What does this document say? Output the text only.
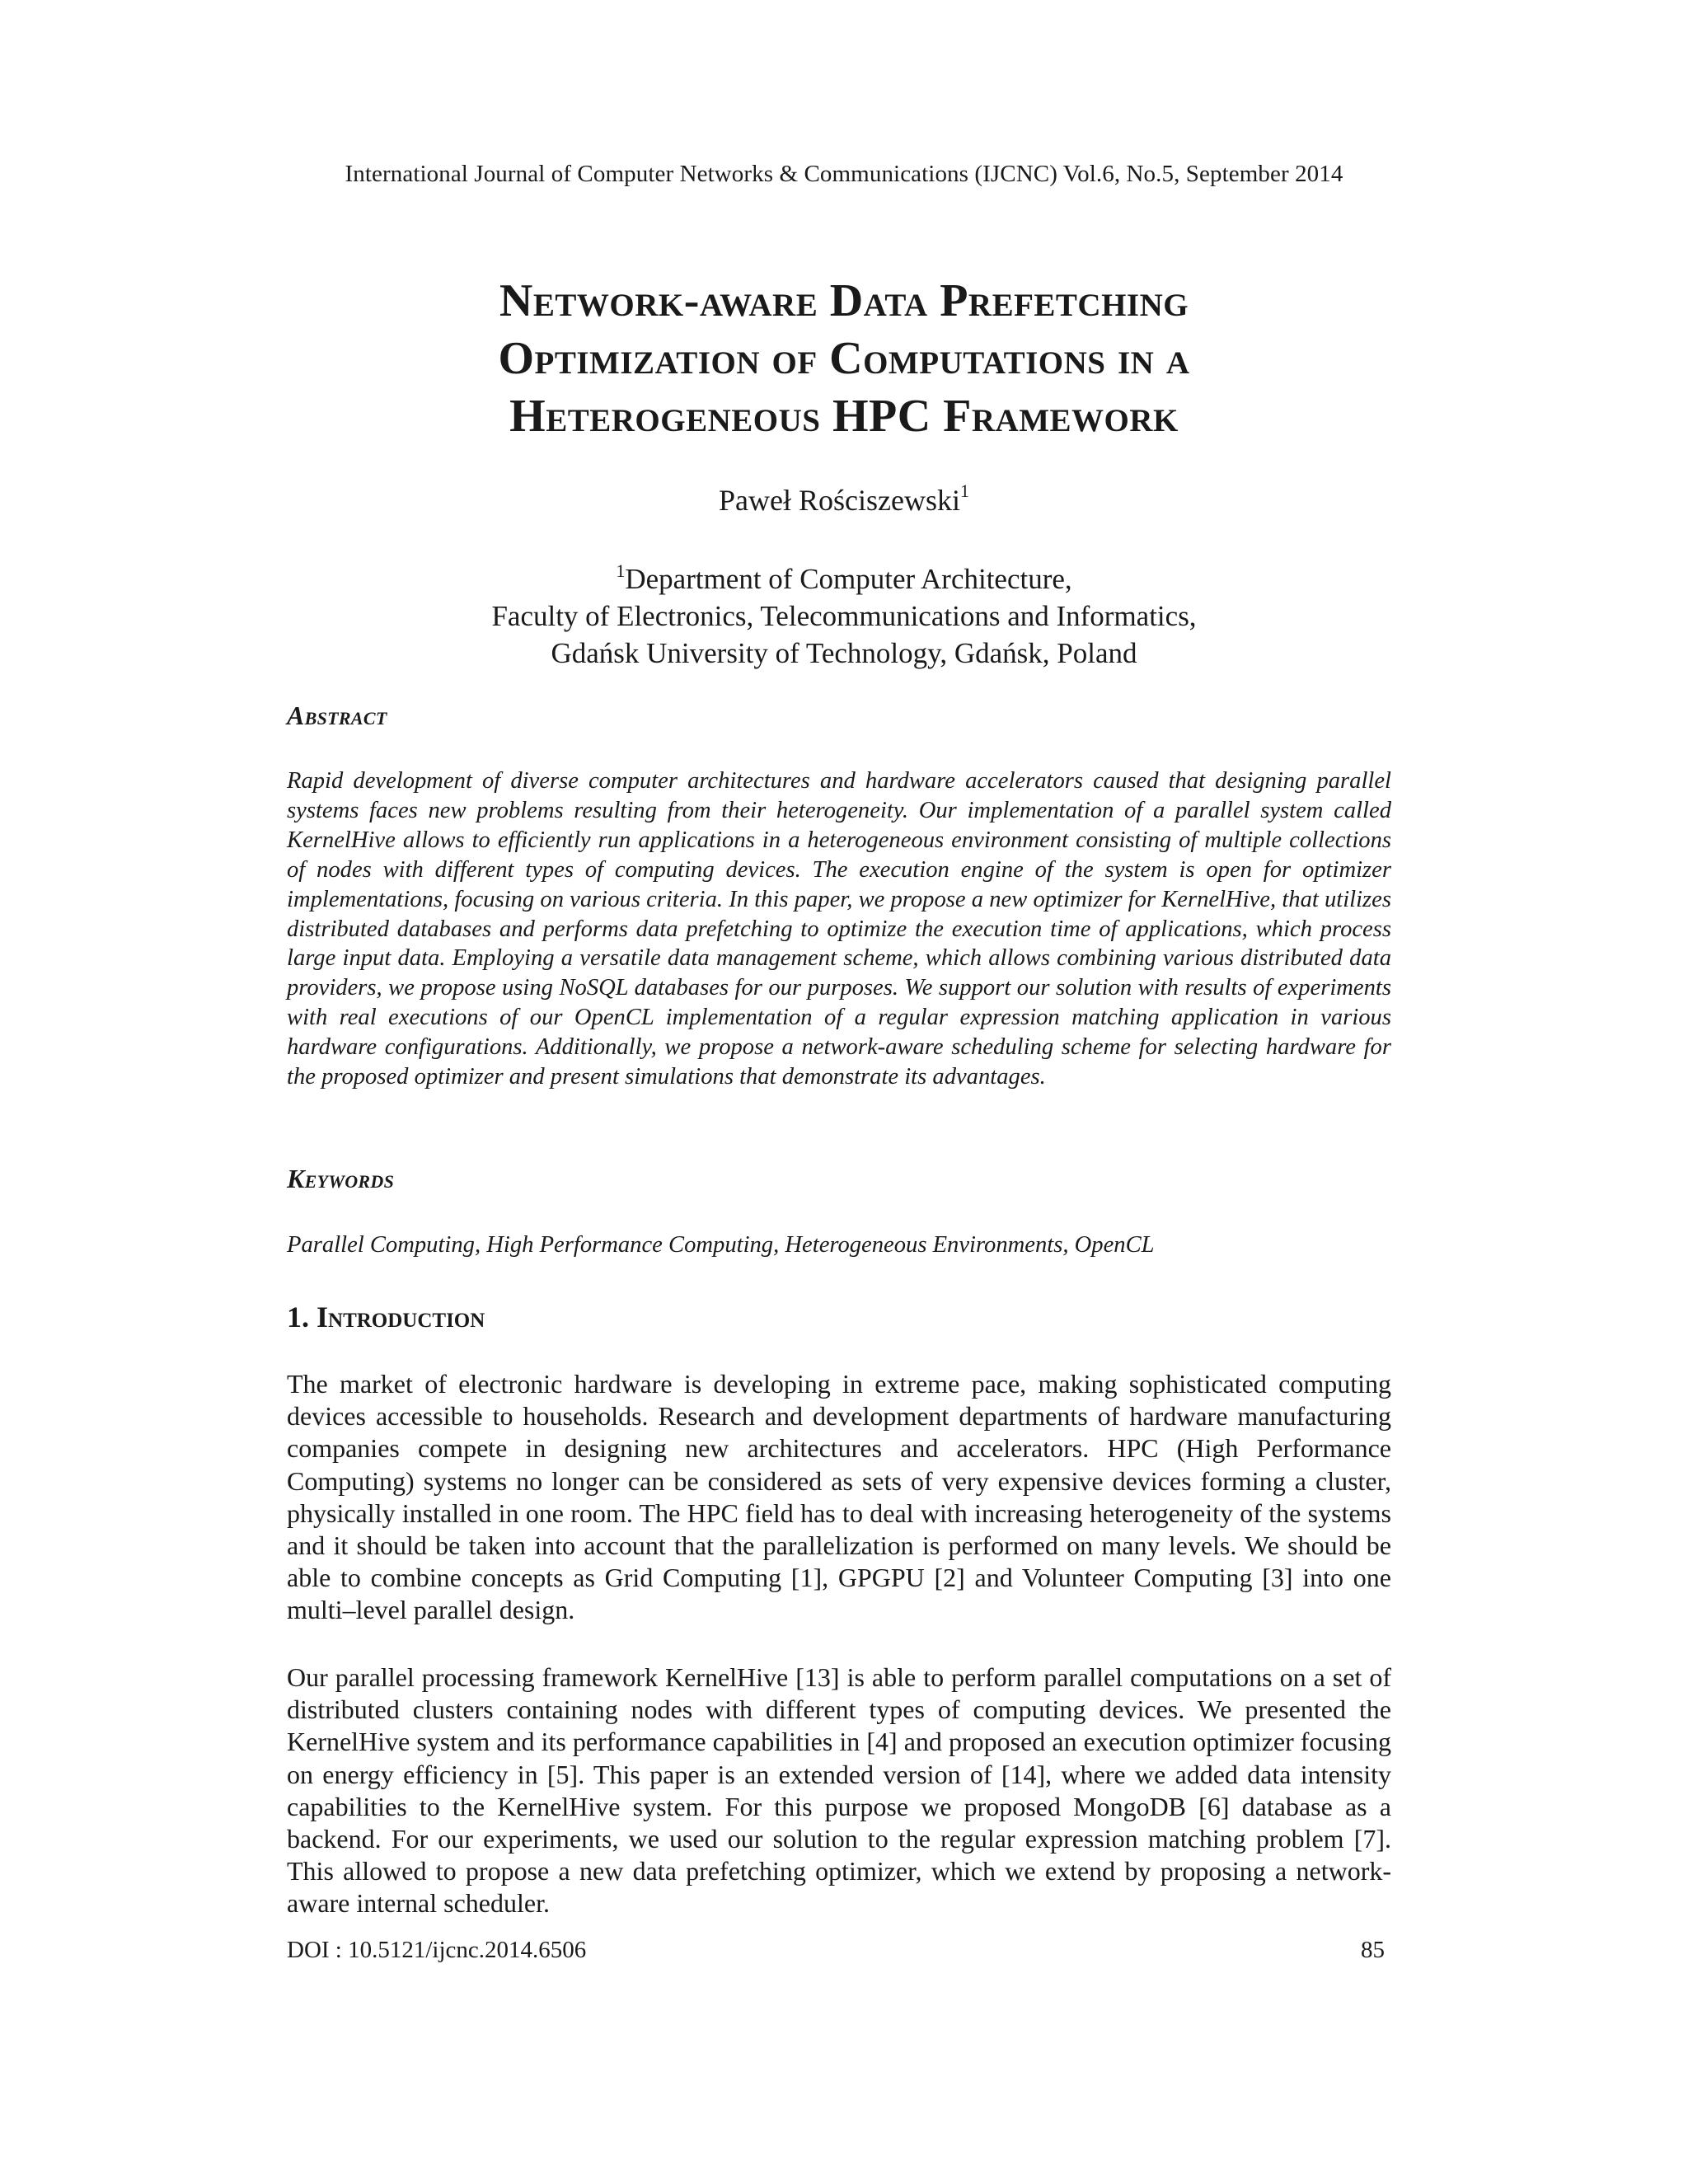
International Journal of Computer Networks & Communications (IJCNC) Vol.6, No.5, September 2014
Network-aware Data Prefetching
Optimization of Computations in a
Heterogeneous HPC Framework
Paweł Rościszewski$^1$
$^1$Department of Computer Architecture,
Faculty of Electronics, Telecommunications and Informatics,
Gdańsk University of Technology, Gdańsk, Poland
Abstract
Rapid development of diverse computer architectures and hardware accelerators caused that designing parallel systems faces new problems resulting from their heterogeneity. Our implementation of a parallel system called KernelHive allows to efficiently run applications in a heterogeneous environment consisting of multiple collections of nodes with different types of computing devices. The execution engine of the system is open for optimizer implementations, focusing on various criteria. In this paper, we propose a new optimizer for KernelHive, that utilizes distributed databases and performs data prefetching to optimize the execution time of applications, which process large input data. Employing a versatile data management scheme, which allows combining various distributed data providers, we propose using NoSQL databases for our purposes. We support our solution with results of experiments with real executions of our OpenCL implementation of a regular expression matching application in various hardware configurations. Additionally, we propose a network-aware scheduling scheme for selecting hardware for the proposed optimizer and present simulations that demonstrate its advantages.
Keywords
Parallel Computing, High Performance Computing, Heterogeneous Environments, OpenCL
1. Introduction
The market of electronic hardware is developing in extreme pace, making sophisticated computing devices accessible to households. Research and development departments of hardware manufacturing companies compete in designing new architectures and accelerators. HPC (High Performance Computing) systems no longer can be considered as sets of very expensive devices forming a cluster, physically installed in one room. The HPC field has to deal with increasing heterogeneity of the systems and it should be taken into account that the parallelization is performed on many levels. We should be able to combine concepts as Grid Computing [1], GPGPU [2] and Volunteer Computing [3] into one multi–level parallel design.
Our parallel processing framework KernelHive [13] is able to perform parallel computations on a set of distributed clusters containing nodes with different types of computing devices. We presented the KernelHive system and its performance capabilities in [4] and proposed an execution optimizer focusing on energy efficiency in [5]. This paper is an extended version of [14], where we added data intensity capabilities to the KernelHive system. For this purpose we proposed MongoDB [6] database as a backend. For our experiments, we used our solution to the regular expression matching problem [7]. This allowed to propose a new data prefetching optimizer, which we extend by proposing a network-aware internal scheduler.
DOI : 10.5121/ijcnc.2014.6506	85
